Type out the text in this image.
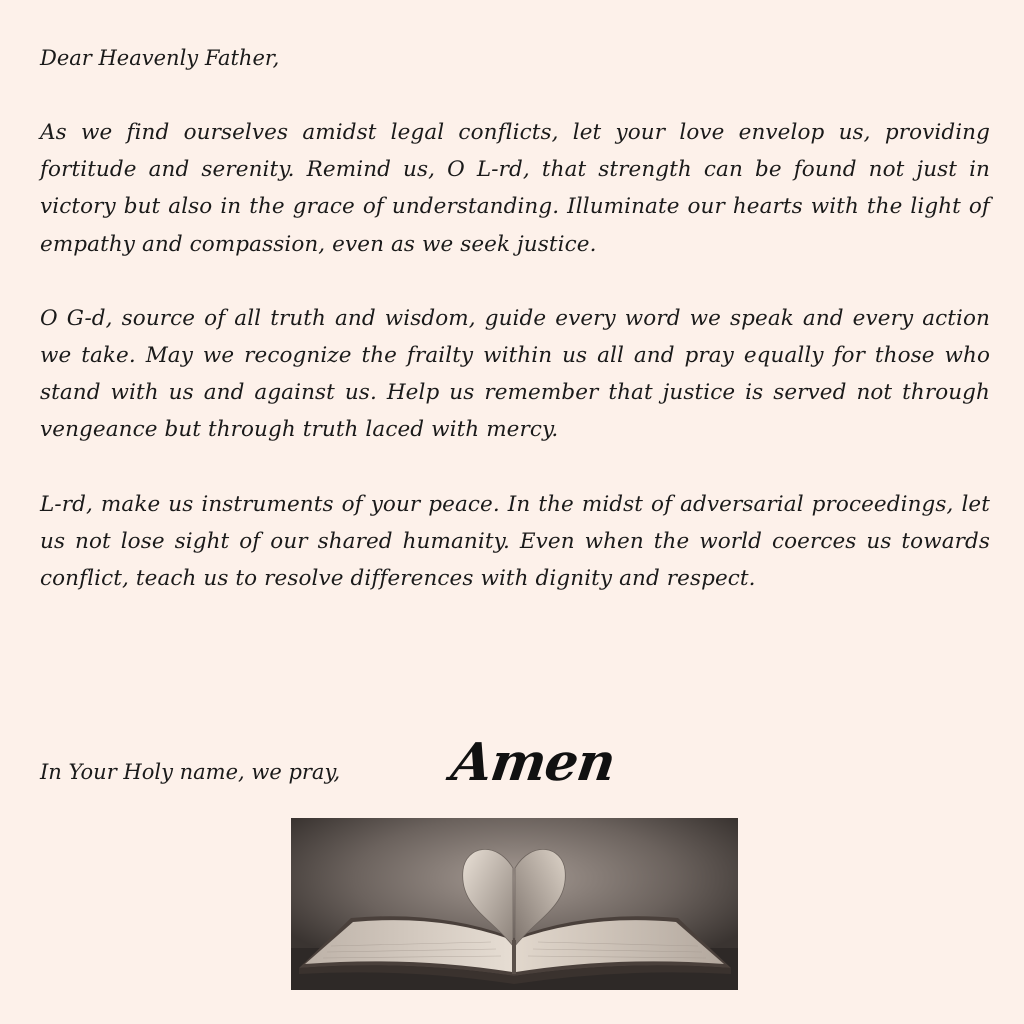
Dear Heavenly Father,

As we find ourselves amidst legal conflicts, let your love envelop us, providing fortitude and serenity. Remind us, O L-rd, that strength can be found not just in victory but also in the grace of understanding. Illuminate our hearts with the light of empathy and compassion, even as we seek justice.

O G-d, source of all truth and wisdom, guide every word we speak and every action we take. May we recognize the frailty within us all and pray equally for those who stand with us and against us. Help us remember that justice is served not through vengeance but through truth laced with mercy.

L-rd, make us instruments of your peace. In the midst of adversarial proceedings, let us not lose sight of our shared humanity. Even when the world coerces us towards conflict, teach us to resolve differences with dignity and respect.

In Your Holy name, we pray, Amen
